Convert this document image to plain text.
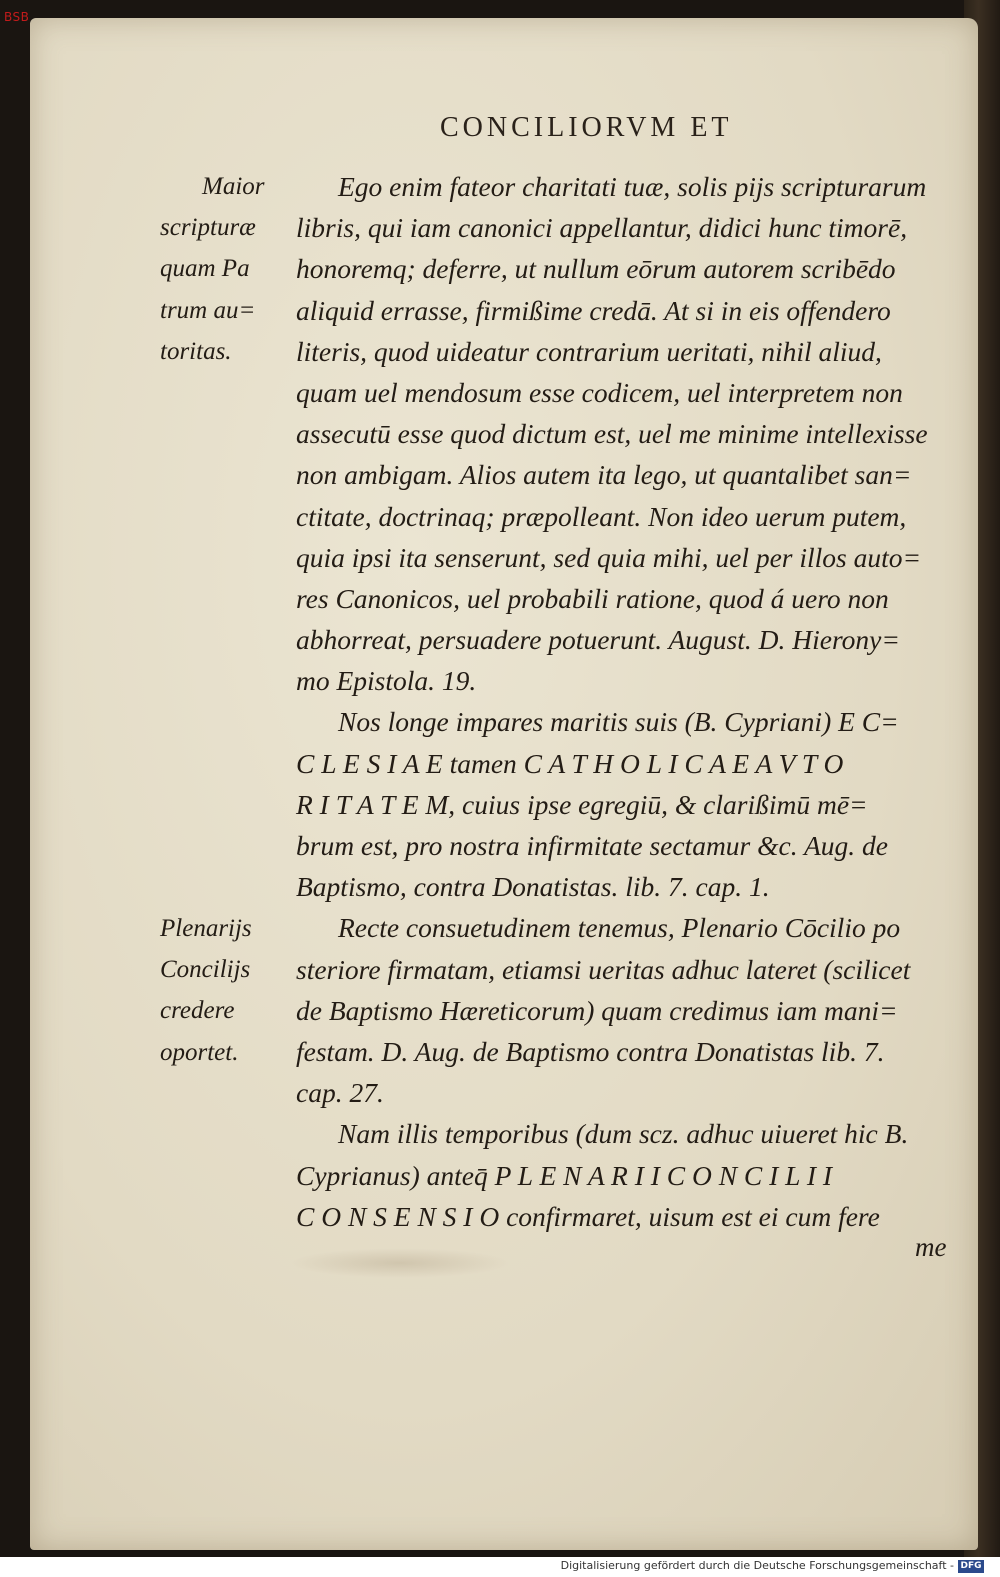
BSB
CONCILIORVM ET
Maior
scripturæ
quam Pa
trum au=
toritas.
Plenarijs
Concilijs
credere
oportet.
Ego enim fateor charitati tuæ, solis pijs scripturarum
libris, qui iam canonici appellantur, didici hunc timorē,
honoremq; deferre, ut nullum eōrum autorem scribēdo
aliquid errasse, firmißime credā. At si in eis offendero
literis, quod uideatur contrarium ueritati, nihil aliud,
quam uel mendosum esse codicem, uel interpretem non
assecutū esse quod dictum est, uel me minime intellexisse
non ambigam. Alios autem ita lego, ut quantalibet san=
ctitate, doctrinaq; præpolleant. Non ideo uerum putem,
quia ipsi ita senserunt, sed quia mihi, uel per illos auto=
res Canonicos, uel probabili ratione, quod á uero non
abhorreat, persuadere potuerunt. August. D. Hierony=
mo Epistola. 19.
Nos longe impares maritis suis (B. Cypriani) E C=
C L E S I A E tamen C A T H O L I C A E A V T O
R I T A T E M, cuius ipse egregiū, & clarißimū mē=
brum est, pro nostra infirmitate sectamur &c. Aug. de
Baptismo, contra Donatistas. lib. 7. cap. 1.
Recte consuetudinem tenemus, Plenario Cōcilio po
steriore firmatam, etiamsi ueritas adhuc lateret (scilicet
de Baptismo Hæreticorum) quam credimus iam mani=
festam. D. Aug. de Baptismo contra Donatistas lib. 7.
cap. 27.
Nam illis temporibus (dum scz. adhuc uiueret hic B.
Cyprianus) anteq̄ P L E N A R I I C O N C I L I I
C O N S E N S I O confirmaret, uisum est ei cum fere
me
Digitalisierung gefördert durch die Deutsche Forschungsgemeinschaft - DFG
